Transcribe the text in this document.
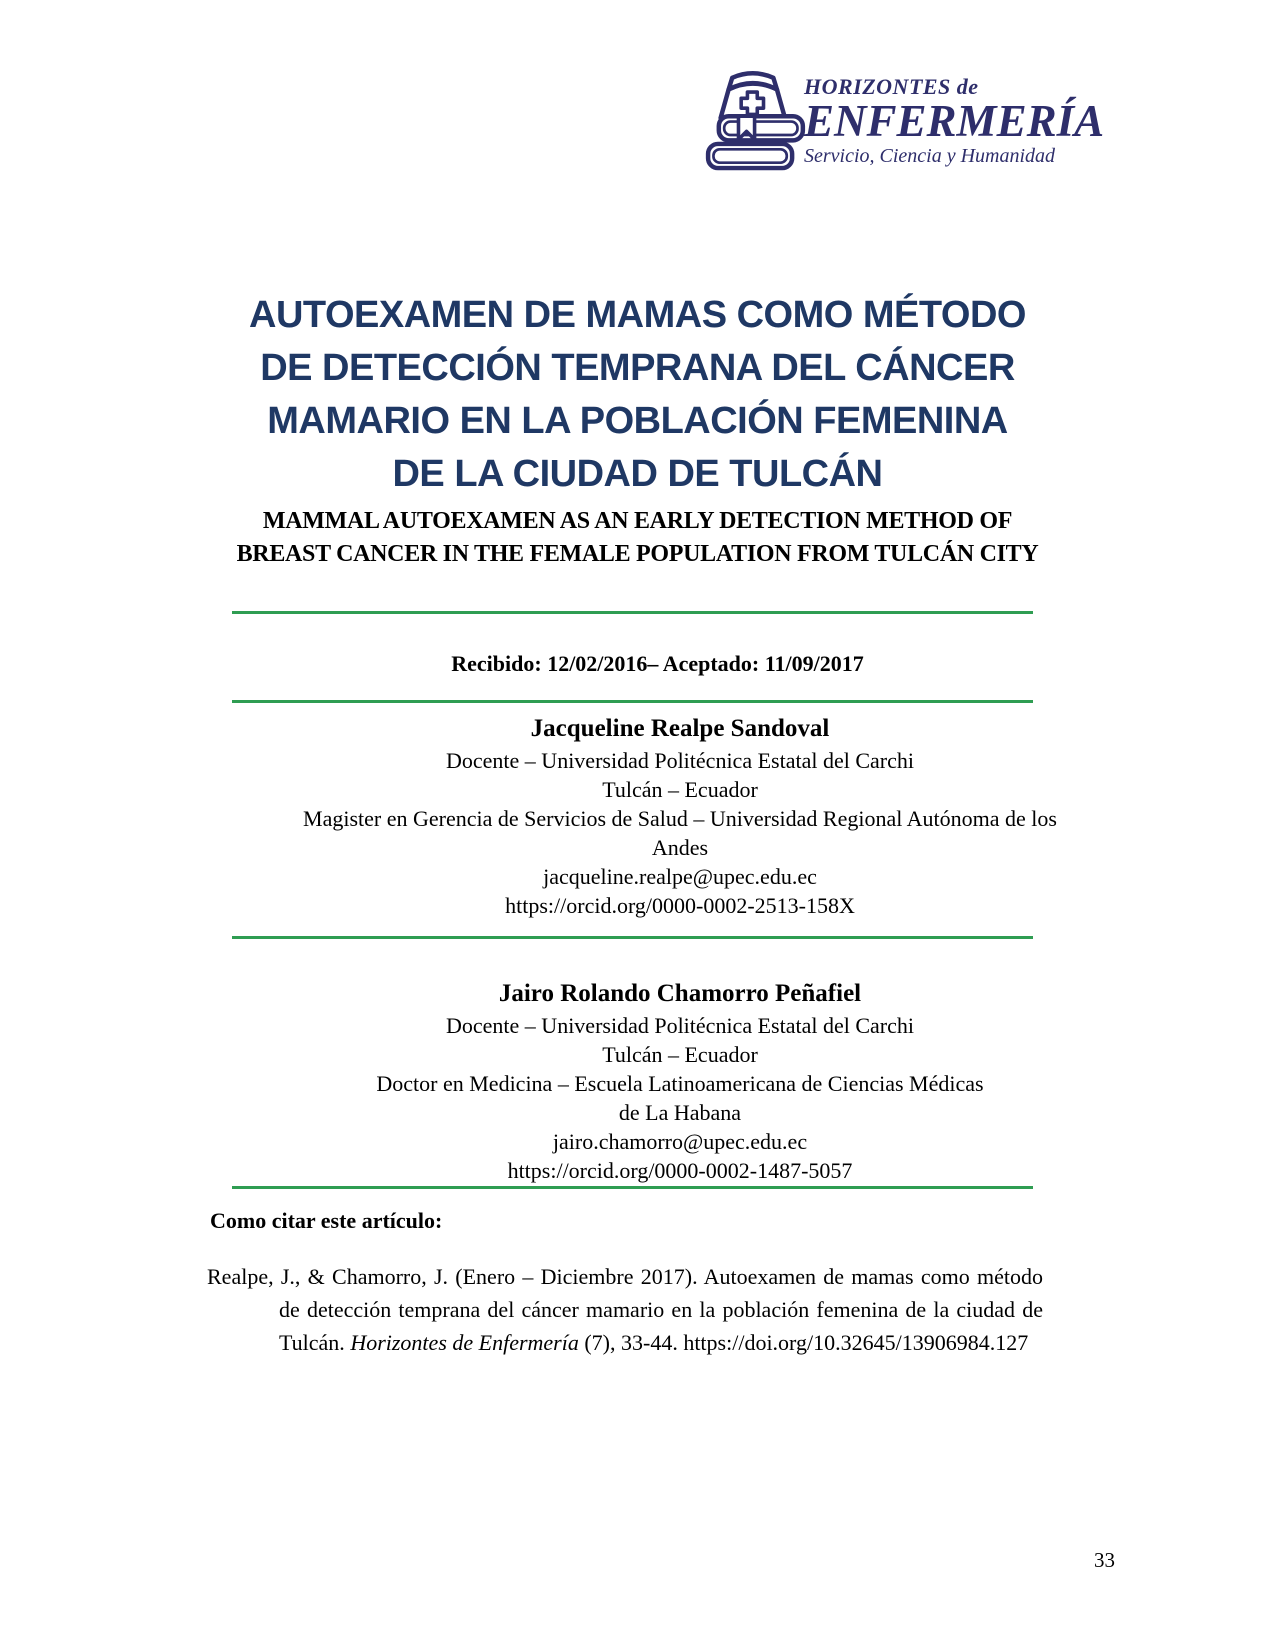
HORIZONTES de
ENFERMERÍA
Servicio, Ciencia y Humanidad
AUTOEXAMEN DE MAMAS COMO MÉTODO
DE DETECCIÓN TEMPRANA DEL CÁNCER
MAMARIO EN LA POBLACIÓN FEMENINA
DE LA CIUDAD DE TULCÁN
MAMMAL AUTOEXAMEN AS AN EARLY DETECTION METHOD OF
BREAST CANCER IN THE FEMALE POPULATION FROM TULCÁN CITY

Recibido: 12/02/2016– Aceptado: 11/09/2017

Jacqueline Realpe Sandoval
Docente – Universidad Politécnica Estatal del Carchi
Tulcán – Ecuador
Magister en Gerencia de Servicios de Salud – Universidad Regional Autónoma de los
Andes
jacqueline.realpe@upec.edu.ec
https://orcid.org/0000-0002-2513-158X
Jairo Rolando Chamorro Peñafiel
Docente – Universidad Politécnica Estatal del Carchi
Tulcán – Ecuador
Doctor en Medicina – Escuela Latinoamericana de Ciencias Médicas
de La Habana
jairo.chamorro@upec.edu.ec
https://orcid.org/0000-0002-1487-5057
Como citar este artículo:

Realpe, J., & Chamorro, J. (Enero – Diciembre 2017). Autoexamen de mamas como método de detección temprana del cáncer mamario en la población femenina de la ciudad de Tulcán. Horizontes de Enfermería (7), 33-44. https://doi.org/10.32645/13906984.127

33
